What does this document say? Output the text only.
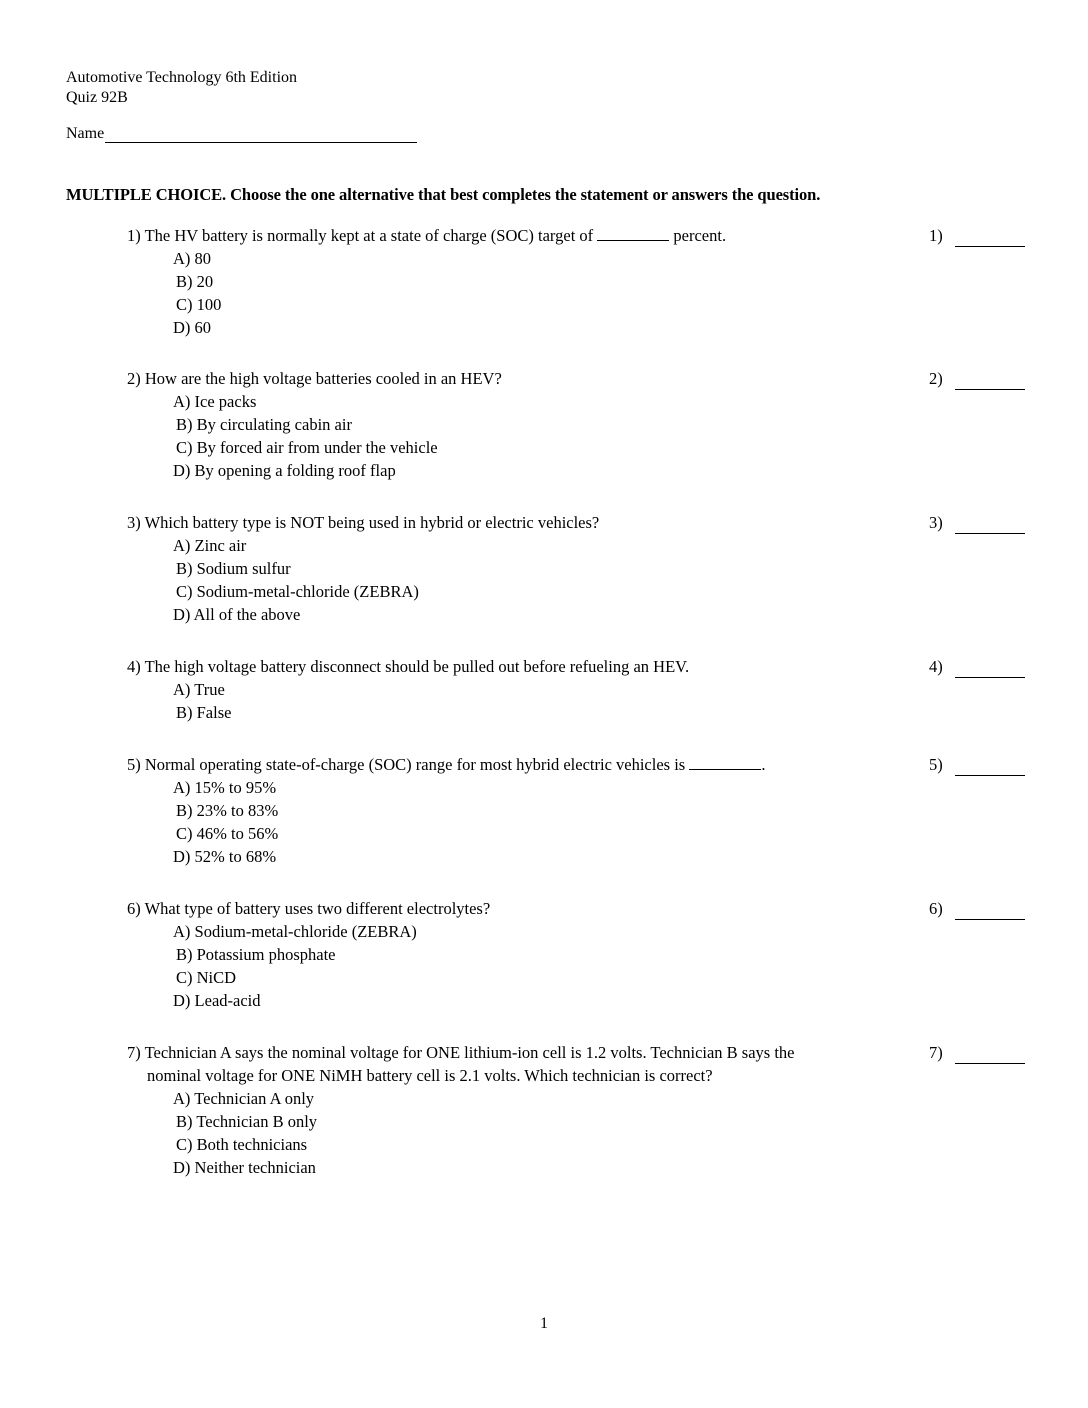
Automotive Technology 6th Edition
Quiz 92B
Name
MULTIPLE CHOICE. Choose the one alternative that best completes the statement or answers the question.
1) The HV battery is normally kept at a state of charge (SOC) target of	percent.
A) 80
B) 20
C) 100
D) 60
1)
2) How are the high voltage batteries cooled in an HEV?
A) Ice packs
B) By circulating cabin air
C) By forced air from under the vehicle
D) By opening a folding roof flap
2)
3) Which battery type is NOT being used in hybrid or electric vehicles?
A) Zinc air
B) Sodium sulfur
C) Sodium-metal-chloride (ZEBRA)
D) All of the above
3)
4) The high voltage battery disconnect should be pulled out before refueling an HEV.
A) True
B) False
4)
5) Normal operating state-of-charge (SOC) range for most hybrid electric vehicles is	.
A) 15% to 95%
B) 23% to 83%
C) 46% to 56%
D) 52% to 68%
5)
6) What type of battery uses two different electrolytes?
A) Sodium-metal-chloride (ZEBRA)
B) Potassium phosphate
C) NiCD
D) Lead-acid
6)
7) Technician A says the nominal voltage for ONE lithium-ion cell is 1.2 volts. Technician B says the
nominal voltage for ONE NiMH battery cell is 2.1 volts. Which technician is correct?
A) Technician A only
B) Technician B only
C) Both technicians
D) Neither technician
7)
1
